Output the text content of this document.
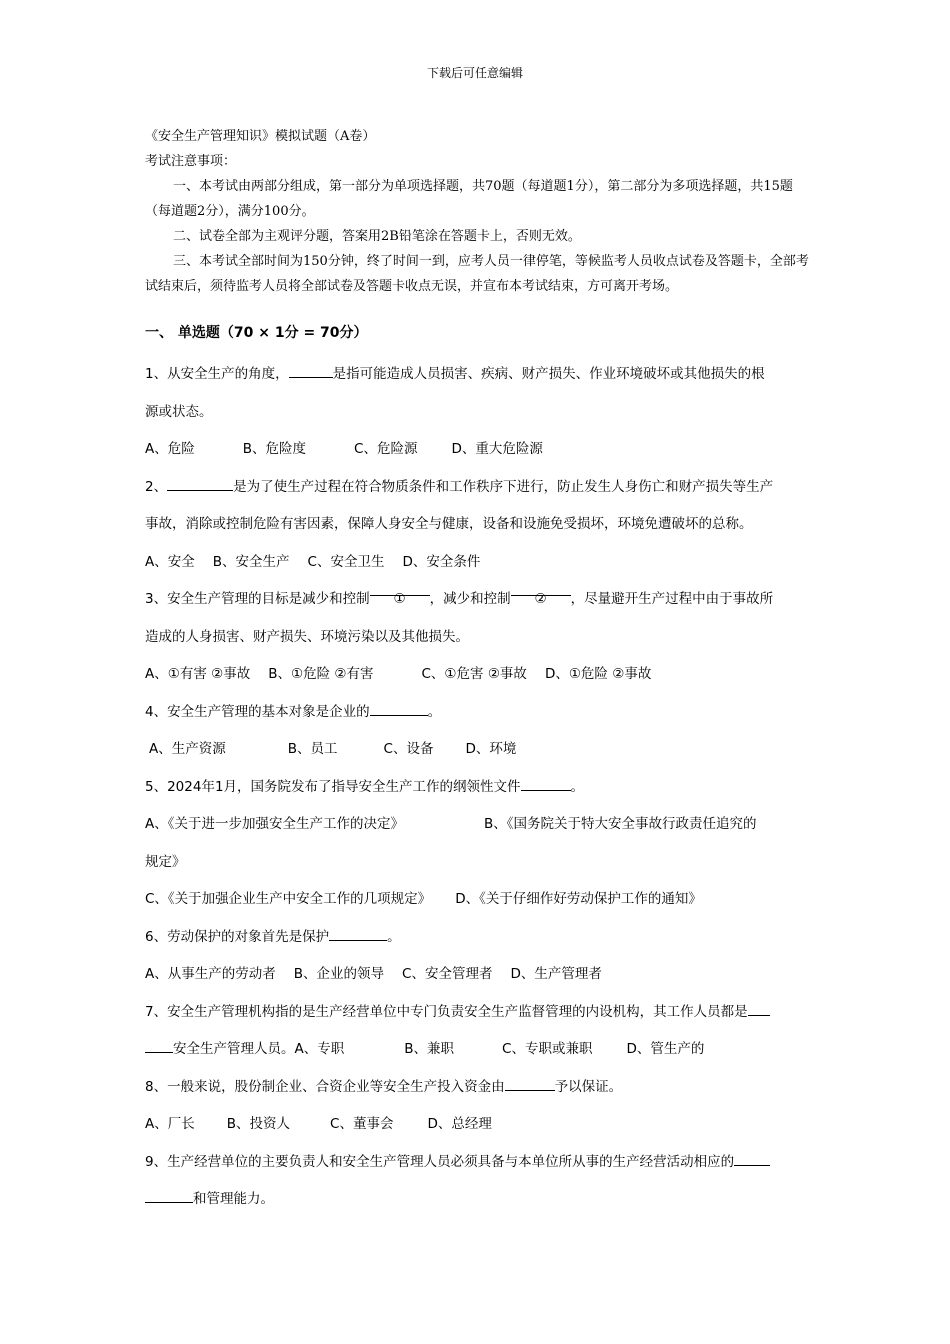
下载后可任意编辑

《安全生产管理知识》模拟试题（A卷）

考试注意事项：

一、本考试由两部分组成，第一部分为单项选择题，共70题（每道题1分），第二部分为多项选择题，共15题（每道题2分），满分100分。

二、试卷全部为主观评分题，答案用2B铅笔涂在答题卡上，否则无效。

三、本考试全部时间为150分钟，终了时间一到，应考人员一律停笔，等候监考人员收点试卷及答题卡，全部考试结束后，须待监考人员将全部试卷及答题卡收点无误，并宣布本考试结束，方可离开考场。

一、 单选题（70 × 1分 = 70分）

1、从安全生产的角度，	是指可能造成人员损害、疾病、财产损失、作业环境破坏或其他损失的根

源或状态。

A、危险	B、危险度	C、危险源	D、重大危险源

2、	是为了使生产过程在符合物质条件和工作秩序下进行，防止发生人身伤亡和财产损失等生产

事故，消除或控制危险有害因素，保障人身安全与健康，设备和设施免受损坏，环境免遭破坏的总称。

A、安全 B、安全生产 C、安全卫生 D、安全条件

3、安全生产管理的目标是减少和控制 ① ，减少和控制 ② ，尽量避开生产过程中由于事故所

造成的人身损害、财产损失、环境污染以及其他损失。

A、①有害 ②事故 B、①危险 ②有害	C、①危害 ②事故 D、①危险 ②事故

4、安全生产管理的基本对象是企业的	。

A、生产资源	B、员工	C、设备 D、环境

5、2024年1月，国务院发布了指导安全生产工作的纲领性文件	。

A、《关于进一步加强安全生产工作的决定》	B、《国务院关于特大安全事故行政责任追究的

规定》

C、《关于加强企业生产中安全工作的几项规定》 D、《关于仔细作好劳动保护工作的通知》

6、劳动保护的对象首先是保护	。

A、从事生产的劳动者 B、企业的领导 C、安全管理者 D、生产管理者

7、安全生产管理机构指的是生产经营单位中专门负责安全生产监督管理的内设机构，其工作人员都是

安全生产管理人员。A、专职	B、兼职	C、专职或兼职	D、管生产的

8、一般来说，股份制企业、合资企业等安全生产投入资金由	予以保证。

A、厂长 B、投资人	C、董事会	D、总经理

9、生产经营单位的主要负责人和安全生产管理人员必须具备与本单位所从事的生产经营活动相应的

和管理能力。
